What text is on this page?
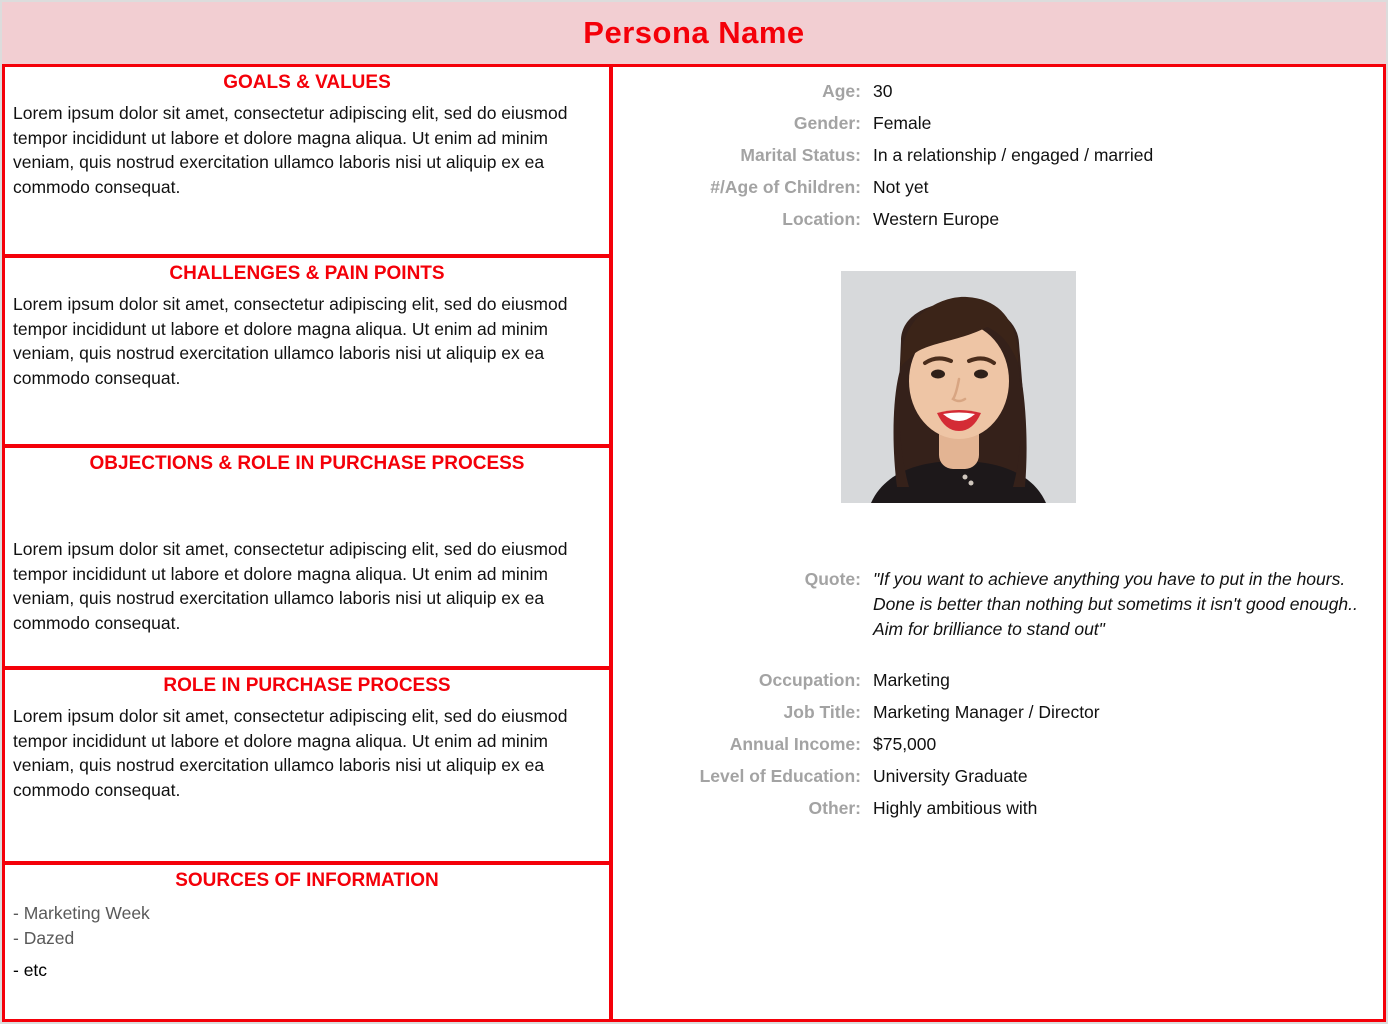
Persona Name
GOALS & VALUES

Lorem ipsum dolor sit amet, consectetur adipiscing elit, sed do eiusmod tempor incididunt ut labore et dolore magna aliqua. Ut enim ad minim veniam, quis nostrud exercitation ullamco laboris nisi ut aliquip ex ea commodo consequat.

CHALLENGES & PAIN POINTS

Lorem ipsum dolor sit amet, consectetur adipiscing elit, sed do eiusmod tempor incididunt ut labore et dolore magna aliqua. Ut enim ad minim veniam, quis nostrud exercitation ullamco laboris nisi ut aliquip ex ea commodo consequat.

OBJECTIONS & ROLE IN PURCHASE PROCESS

Lorem ipsum dolor sit amet, consectetur adipiscing elit, sed do eiusmod tempor incididunt ut labore et dolore magna aliqua. Ut enim ad minim veniam, quis nostrud exercitation ullamco laboris nisi ut aliquip ex ea commodo consequat.

ROLE IN PURCHASE PROCESS

Lorem ipsum dolor sit amet, consectetur adipiscing elit, sed do eiusmod tempor incididunt ut labore et dolore magna aliqua. Ut enim ad minim veniam, quis nostrud exercitation ullamco laboris nisi ut aliquip ex ea commodo consequat.

SOURCES OF INFORMATION
- Marketing Week
- Dazed
- etc
Age: 30
Gender: Female
Marital Status: In a relationship / engaged / married
#/Age of Children: Not yet
Location: Western Europe
Quote: "If you want to achieve anything you have to put in the hours. Done is better than nothing but sometims it isn't good enough.. Aim for brilliance to stand out"
Occupation: Marketing
Job Title: Marketing Manager / Director
Annual Income: $75,000
Level of Education: University Graduate
Other: Highly ambitious with
